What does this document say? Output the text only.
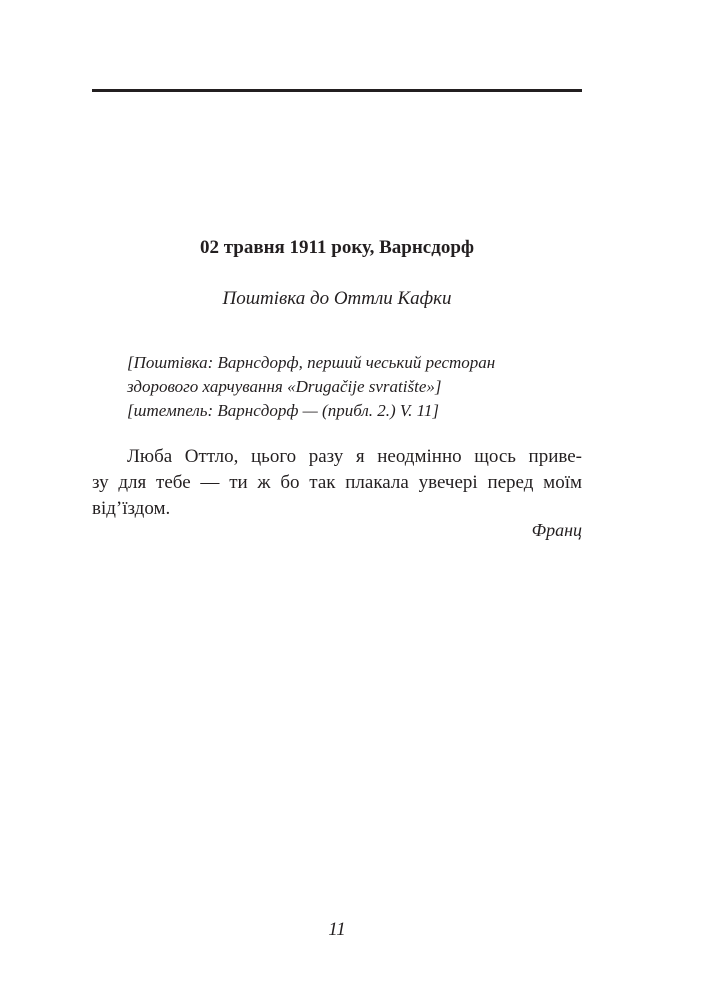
02 травня 1911 року, Варнсдорф
Поштівка до Оттли Кафки
[Поштівка: Варнсдорф, перший чеський ресторан
здорового харчування «Drugačije svratište»]
[штемпель: Варнсдорф — (прибл. 2.) V. 11]
Люба Оттло, цього разу я неодмінно щось приве-
зу для тебе — ти ж бо так плакала увечері перед моїм
від’їздом.
Франц
11
